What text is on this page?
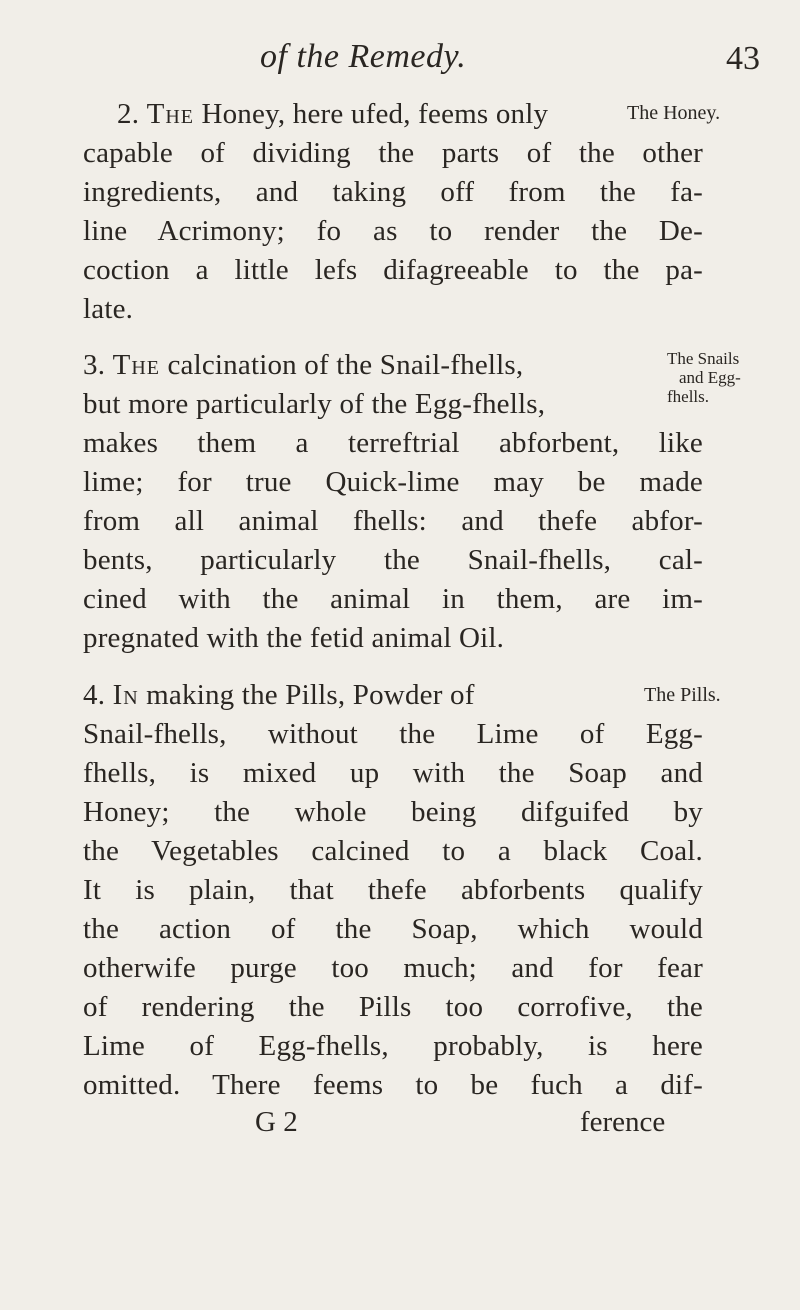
of the Remedy.	43
2. The Honey, here ufed, feems only	The Honey.
capable of dividing the parts of the other
ingredients, and taking off from the fa-
line Acrimony; fo as to render the De-
coction a little lefs difagreeable to the pa-
late.
3. The calcination of the Snail-fhells,	The Snails
and Egg-
fhells.
but more particularly of the Egg-fhells,
makes them a terreftrial abforbent, like
lime; for true Quick-lime may be made
from all animal fhells: and thefe abfor-
bents, particularly the Snail-fhells, cal-
cined with the animal in them, are im-
pregnated with the fetid animal Oil.
4. In making the Pills, Powder of	The Pills.
Snail-fhells, without the Lime of Egg-
fhells, is mixed up with the Soap and
Honey; the whole being difguifed by
the Vegetables calcined to a black Coal.
It is plain, that thefe abforbents qualify
the action of the Soap, which would
otherwife purge too much; and for fear
of rendering the Pills too corrofive, the
Lime of Egg-fhells, probably, is here
omitted. There feems to be fuch a dif-
G 2	ference
